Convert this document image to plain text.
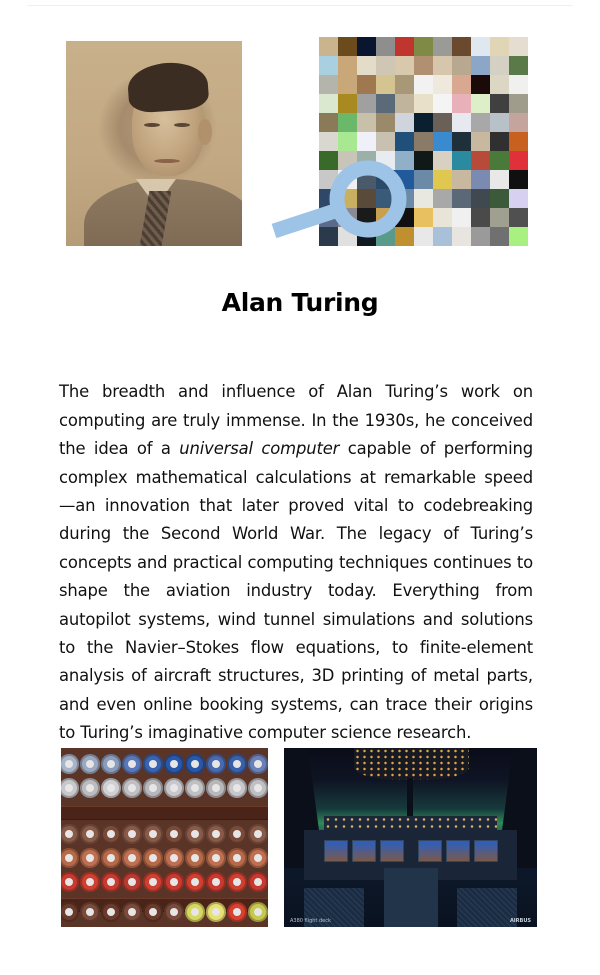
Alan Turing

The breadth and influence of Alan Turing’s work on computing are truly immense. In the 1930s, he conceived the idea of a universal computer capable of performing complex mathematical calculations at remarkable speed—an innovation that later proved vital to codebreaking during the Second World War. The legacy of Turing’s concepts and practical computing techniques continues to shape the aviation industry today. Everything from autopilot systems, wind tunnel simulations and solutions to the Navier–Stokes flow equations, to finite-element analysis of aircraft structures, 3D printing of metal parts, and even online booking systems, can trace their origins to Turing’s imaginative computer science research.

A380 flight deck	AIRBUS
